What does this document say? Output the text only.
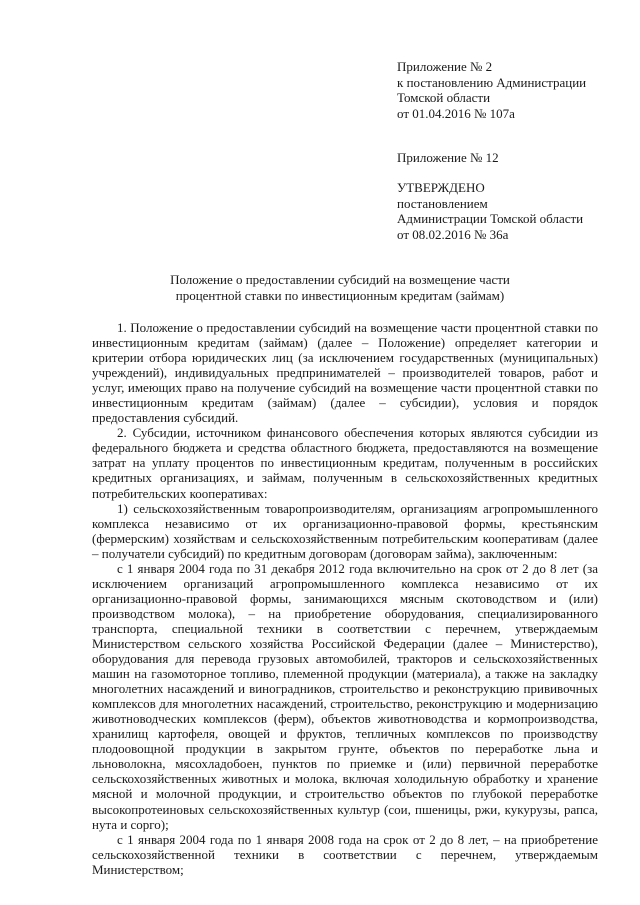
Приложение № 2
к постановлению Администрации
Томской области
от 01.04.2016 № 107а
Приложение № 12
УТВЕРЖДЕНО
постановлением
Администрации Томской области
от 08.02.2016 № 36а
Положение о предоставлении субсидий на возмещение части
процентной ставки по инвестиционным кредитам (займам)

1. Положение о предоставлении субсидий на возмещение части процентной ставки по инвестиционным кредитам (займам) (далее – Положение) определяет категории и критерии отбора юридических лиц (за исключением государственных (муниципальных) учреждений), индивидуальных предпринимателей – производителей товаров, работ и услуг, имеющих право на получение субсидий на возмещение части процентной ставки по инвестиционным кредитам (займам) (далее – субсидии), условия и порядок предоставления субсидий.

2. Субсидии, источником финансового обеспечения которых являются субсидии из федерального бюджета и средства областного бюджета, предоставляются на возмещение затрат на уплату процентов по инвестиционным кредитам, полученным в российских кредитных организациях, и займам, полученным в сельскохозяйственных кредитных потребительских кооперативах:

1) сельскохозяйственным товаропроизводителям, организациям агропромышленного комплекса независимо от их организационно-правовой формы, крестьянским (фермерским) хозяйствам и сельскохозяйственным потребительским кооперативам (далее – получатели субсидий) по кредитным договорам (договорам займа), заключенным:

с 1 января 2004 года по 31 декабря 2012 года включительно на срок от 2 до 8 лет (за исключением организаций агропромышленного комплекса независимо от их организационно-правовой формы, занимающихся мясным скотоводством и (или) производством молока), – на приобретение оборудования, специализированного транспорта, специальной техники в соответствии с перечнем, утверждаемым Министерством сельского хозяйства Российской Федерации (далее – Министерство), оборудования для перевода грузовых автомобилей, тракторов и сельскохозяйственных машин на газомоторное топливо, племенной продукции (материала), а также на закладку многолетних насаждений и виноградников, строительство и реконструкцию прививочных комплексов для многолетних насаждений, строительство, реконструкцию и модернизацию животноводческих комплексов (ферм), объектов животноводства и кормопроизводства, хранилищ картофеля, овощей и фруктов, тепличных комплексов по производству плодоовощной продукции в закрытом грунте, объектов по переработке льна и льноволокна, мясохладобоен, пунктов по приемке и (или) первичной переработке сельскохозяйственных животных и молока, включая холодильную обработку и хранение мясной и молочной продукции, и строительство объектов по глубокой переработке высокопротеиновых сельскохозяйственных культур (сои, пшеницы, ржи, кукурузы, рапса, нута и сорго);

с 1 января 2004 года по 1 января 2008 года на срок от 2 до 8 лет, – на приобретение сельскохозяйственной техники в соответствии с перечнем, утверждаемым Министерством;
